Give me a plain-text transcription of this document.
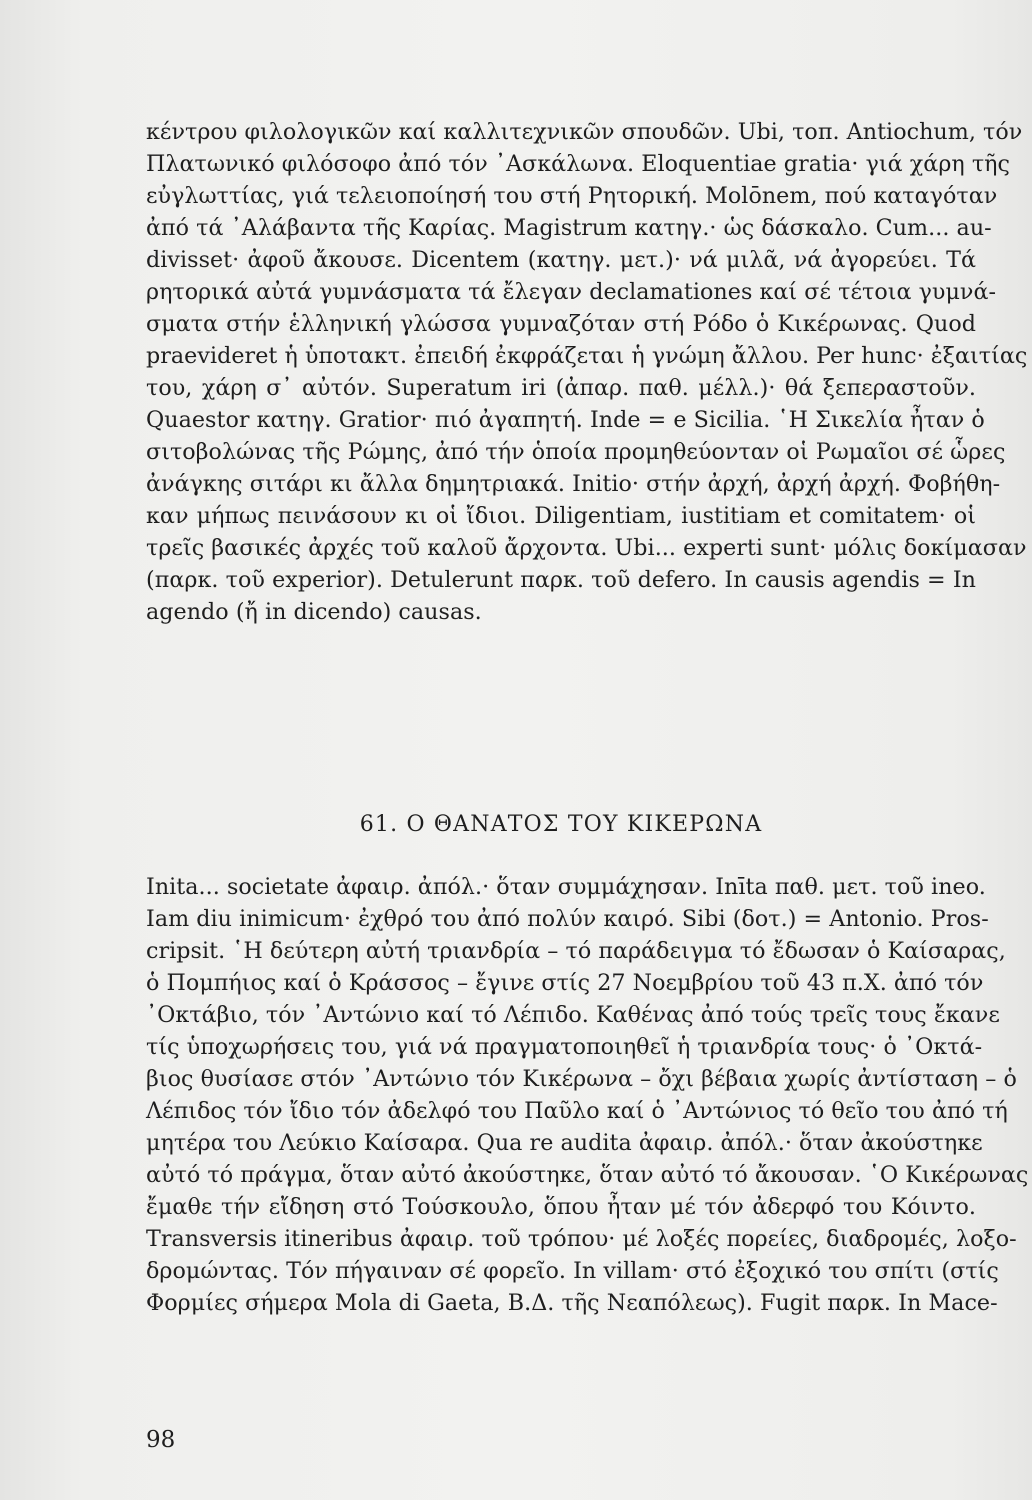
κέντρου φιλολογικῶν καί καλλιτεχνικῶν σπουδῶν. Ubi, τοπ. Antiochum, τόν
Πλατωνικό φιλόσοφο ἀπό τόν ᾿Ασκάλωνα. Eloquentiae gratia· γιά χάρη τῆς
εὐγλωττίας, γιά τελειοποίησή του στή Ρητορική. Molōnem, πού καταγόταν
ἀπό τά ᾿Αλάβαντα τῆς Καρίας. Magistrum κατηγ.· ὡς δάσκαλο. Cum... au-
divisset· ἀφοῦ ἄκουσε. Dicentem (κατηγ. μετ.)· νά μιλᾶ, νά ἀγορεύει. Τά
ρητορικά αὐτά γυμνάσματα τά ἔλεγαν declamationes καί σέ τέτοια γυμνά-
σματα στήν ἑλληνική γλώσσα γυμναζόταν στή Ρόδο ὁ Κικέρωνας. Quod
praevideret ἡ ὑποτακτ. ἐπειδή ἐκφράζεται ἡ γνώμη ἄλλου. Per hunc· ἐξαιτίας
του, χάρη σ᾿ αὐτόν. Superatum iri (ἀπαρ. παθ. μέλλ.)· θά ξεπεραστοῦν.
Quaestor κατηγ. Gratior· πιό ἀγαπητή. Inde = e Sicilia. ῾Η Σικελία ἦταν ὁ
σιτοβολώνας τῆς Ρώμης, ἀπό τήν ὁποία προμηθεύονταν οἱ Ρωμαῖοι σέ ὧρες
ἀνάγκης σιτάρι κι ἄλλα δημητριακά. Initio· στήν ἀρχή, ἀρχή ἀρχή. Φοβήθη-
καν μήπως πεινάσουν κι οἱ ἴδιοι. Diligentiam, iustitiam et comitatem· οἱ
τρεῖς βασικές ἀρχές τοῦ καλοῦ ἄρχοντα. Ubi... experti sunt· μόλις δοκίμασαν
(παρκ. τοῦ experior). Detulerunt παρκ. τοῦ defero. In causis agendis = In
agendo (ἤ in dicendo) causas.
61. Ο ΘΑΝΑΤΟΣ ΤΟΥ ΚΙΚΕΡΩΝΑ
Inita... societate ἀφαιρ. ἀπόλ.· ὅταν συμμάχησαν. Inīta παθ. μετ. τοῦ ineo.
Iam diu inimicum· ἐχθρό του ἀπό πολύν καιρό. Sibi (δοτ.) = Antonio. Pros-
cripsit. ῾Η δεύτερη αὐτή τριανδρία – τό παράδειγμα τό ἔδωσαν ὁ Καίσαρας,
ὁ Πομπήιος καί ὁ Κράσσος – ἔγινε στίς 27 Νοεμβρίου τοῦ 43 π.Χ. ἀπό τόν
᾿Οκτάβιο, τόν ᾿Αντώνιο καί τό Λέπιδο. Καθένας ἀπό τούς τρεῖς τους ἔκανε
τίς ὑποχωρήσεις του, γιά νά πραγματοποιηθεῖ ἡ τριανδρία τους· ὁ ᾿Οκτά-
βιος θυσίασε στόν ᾿Αντώνιο τόν Κικέρωνα – ὄχι βέβαια χωρίς ἀντίσταση – ὁ
Λέπιδος τόν ἴδιο τόν ἀδελφό του Παῦλο καί ὁ ᾿Αντώνιος τό θεῖο του ἀπό τή
μητέρα του Λεύκιο Καίσαρα. Qua re audita ἀφαιρ. ἀπόλ.· ὅταν ἀκούστηκε
αὐτό τό πράγμα, ὅταν αὐτό ἀκούστηκε, ὅταν αὐτό τό ἄκουσαν. ῾Ο Κικέρωνας
ἔμαθε τήν εἴδηση στό Τούσκουλο, ὅπου ἦταν μέ τόν ἀδερφό του Κόιντο.
Transversis itineribus ἀφαιρ. τοῦ τρόπου· μέ λοξές πορείες, διαδρομές, λοξο-
δρομώντας. Τόν πήγαιναν σέ φορεῖο. In villam· στό ἐξοχικό του σπίτι (στίς
Φορμίες σήμερα Mola di Gaeta, Β.Δ. τῆς Νεαπόλεως). Fugit παρκ. In Mace-
98
